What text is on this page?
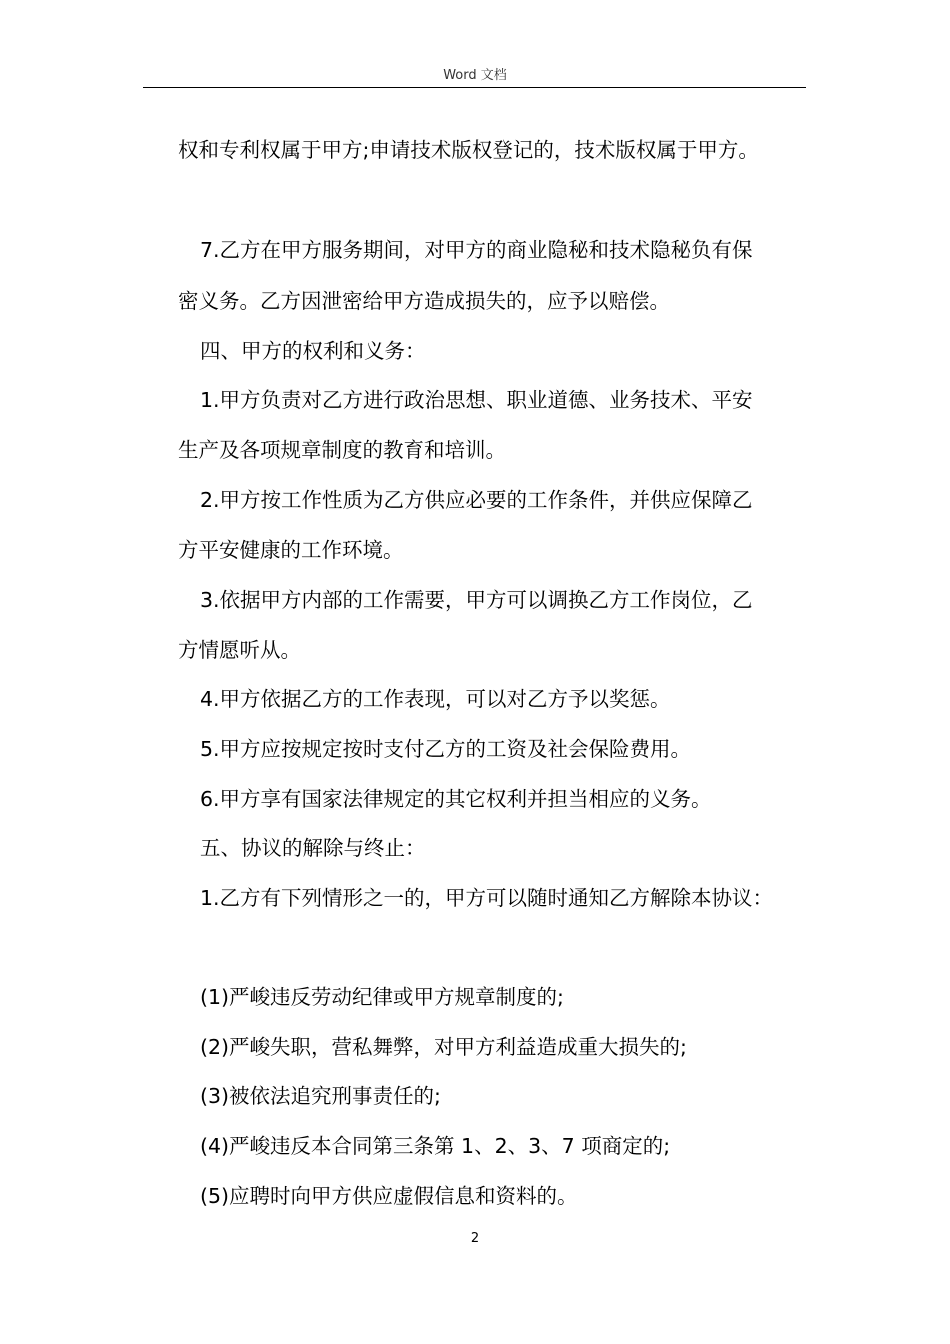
Word 文档
权和专利权属于甲方;申请技术版权登记的，技术版权属于甲方。
7.乙方在甲方服务期间，对甲方的商业隐秘和技术隐秘负有保
密义务。乙方因泄密给甲方造成损失的，应予以赔偿。
四、甲方的权利和义务：
1.甲方负责对乙方进行政治思想、职业道德、业务技术、平安
生产及各项规章制度的教育和培训。
2.甲方按工作性质为乙方供应必要的工作条件，并供应保障乙
方平安健康的工作环境。
3.依据甲方内部的工作需要，甲方可以调换乙方工作岗位，乙
方情愿听从。
4.甲方依据乙方的工作表现，可以对乙方予以奖惩。
5.甲方应按规定按时支付乙方的工资及社会保险费用。
6.甲方享有国家法律规定的其它权利并担当相应的义务。
五、协议的解除与终止：
1.乙方有下列情形之一的，甲方可以随时通知乙方解除本协议：
(1)严峻违反劳动纪律或甲方规章制度的;
(2)严峻失职，营私舞弊，对甲方利益造成重大损失的;
(3)被依法追究刑事责任的;
(4)严峻违反本合同第三条第 1、2、3、7 项商定的;
(5)应聘时向甲方供应虚假信息和资料的。
2
